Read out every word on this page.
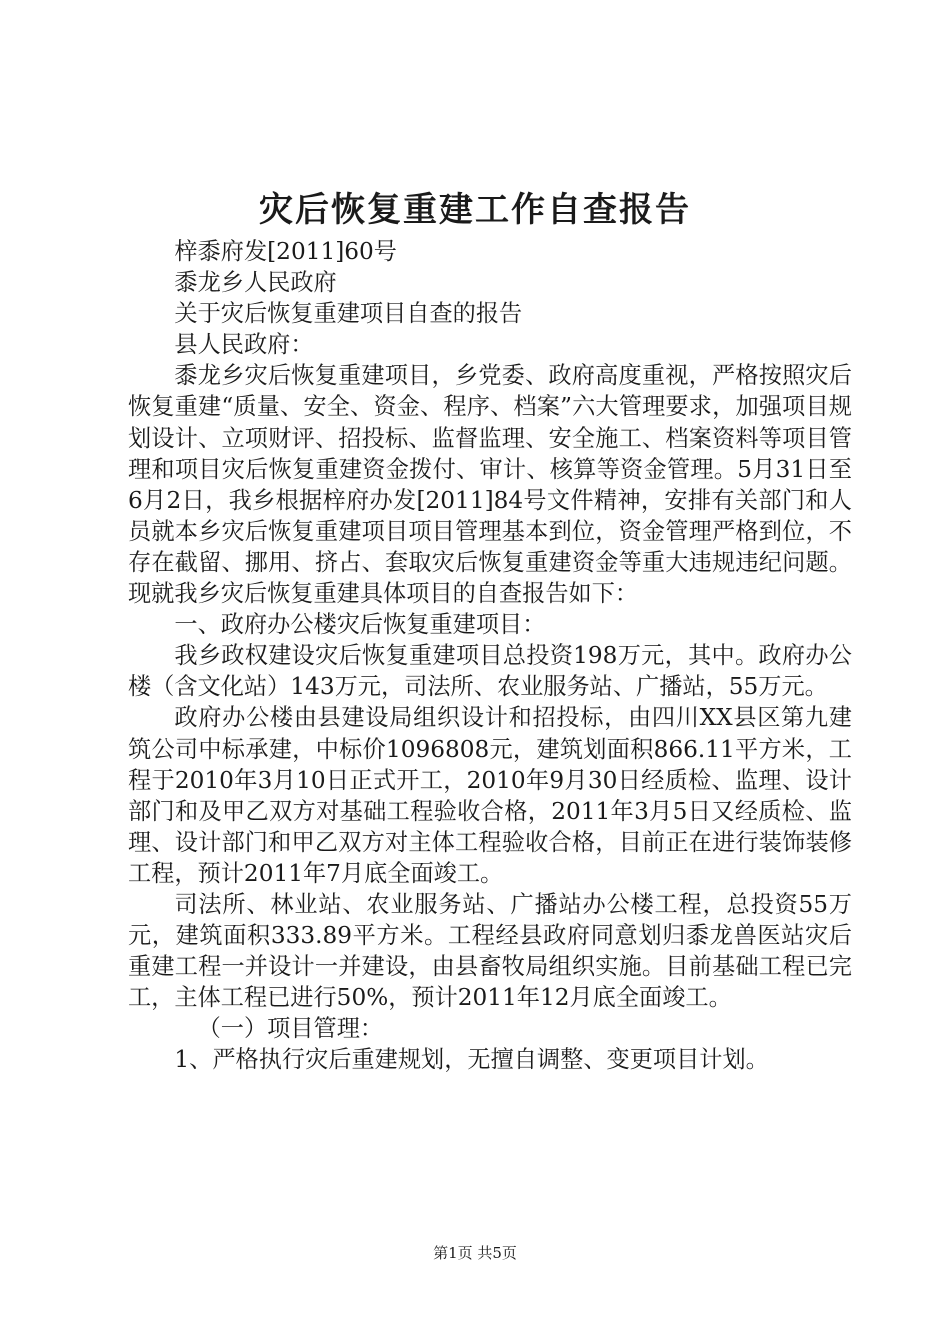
灾后恢复重建工作自查报告

梓黍府发[2011]60号

黍龙乡人民政府

关于灾后恢复重建项目自查的报告

县人民政府：

黍龙乡灾后恢复重建项目，乡党委、政府高度重视，严格按照灾后恢复重建“质量、安全、资金、程序、档案”六大管理要求，加强项目规划设计、立项财评、招投标、监督监理、安全施工、档案资料等项目管理和项目灾后恢复重建资金拨付、审计、核算等资金管理。5月31日至6月2日，我乡根据梓府办发[2011]84号文件精神，安排有关部门和人员就本乡灾后恢复重建项目项目管理基本到位，资金管理严格到位，不存在截留、挪用、挤占、套取灾后恢复重建资金等重大违规违纪问题。现就我乡灾后恢复重建具体项目的自查报告如下：

一、政府办公楼灾后恢复重建项目：

我乡政权建设灾后恢复重建项目总投资198万元，其中。政府办公楼（含文化站）143万元，司法所、农业服务站、广播站，55万元。

政府办公楼由县建设局组织设计和招投标，由四川XX县区第九建筑公司中标承建，中标价1096808元，建筑划面积866.11平方米，工程于2010年3月10日正式开工，2010年9月30日经质检、监理、设计部门和及甲乙双方对基础工程验收合格，2011年3月5日又经质检、监理、设计部门和甲乙双方对主体工程验收合格，目前正在进行装饰装修工程，预计2011年7月底全面竣工。

司法所、林业站、农业服务站、广播站办公楼工程，总投资55万元，建筑面积333.89平方米。工程经县政府同意划归黍龙兽医站灾后重建工程一并设计一并建设，由县畜牧局组织实施。目前基础工程已完工，主体工程已进行50%，预计2011年12月底全面竣工。

（一）项目管理：

1、严格执行灾后重建规划，无擅自调整、变更项目计划。

第1页 共5页
